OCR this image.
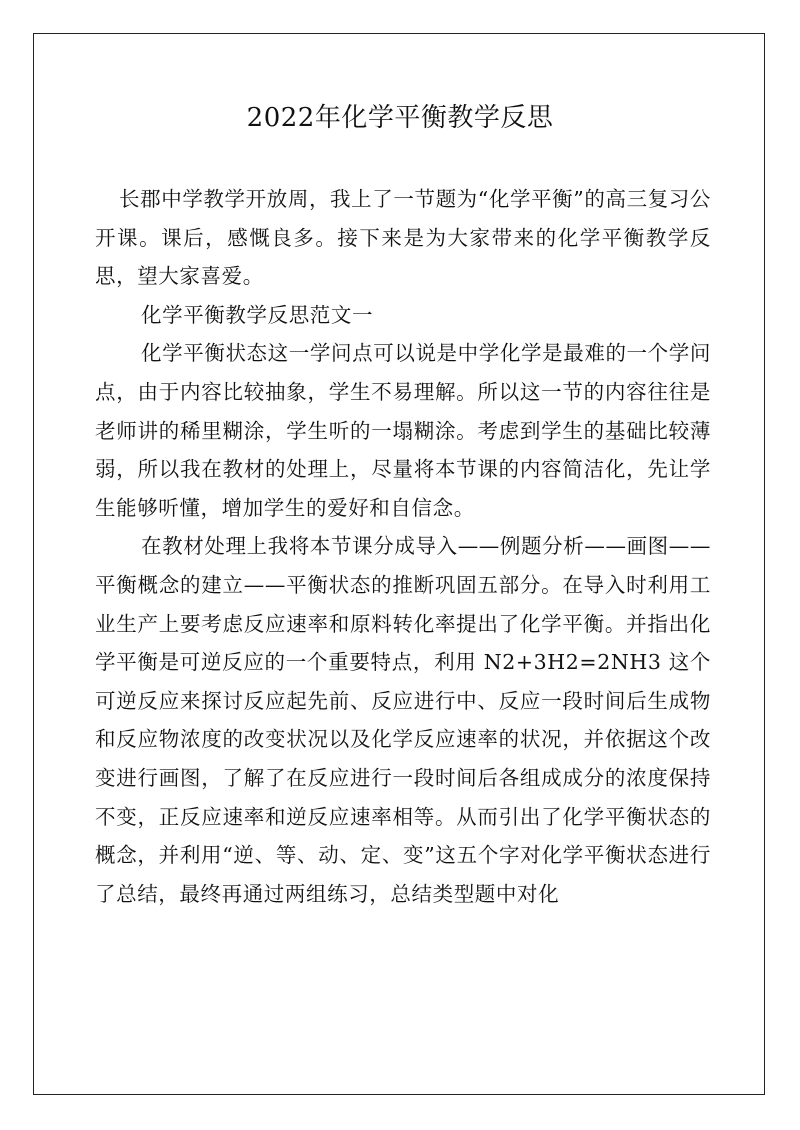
2022年化学平衡教学反思

长郡中学教学开放周，我上了一节题为“化学平衡”的高三复习公开课。课后，感慨良多。接下来是为大家带来的化学平衡教学反思，望大家喜爱。

化学平衡教学反思范文一

化学平衡状态这一学问点可以说是中学化学是最难的一个学问点，由于内容比较抽象，学生不易理解。所以这一节的内容往往是老师讲的稀里糊涂，学生听的一塌糊涂。考虑到学生的基础比较薄弱，所以我在教材的处理上，尽量将本节课的内容简洁化，先让学生能够听懂，增加学生的爱好和自信念。

在教材处理上我将本节课分成导入——例题分析——画图——平衡概念的建立——平衡状态的推断巩固五部分。在导入时利用工业生产上要考虑反应速率和原料转化率提出了化学平衡。并指出化学平衡是可逆反应的一个重要特点，利用 N2+3H2=2NH3 这个可逆反应来探讨反应起先前、反应进行中、反应一段时间后生成物和反应物浓度的改变状况以及化学反应速率的状况，并依据这个改变进行画图，了解了在反应进行一段时间后各组成成分的浓度保持不变，正反应速率和逆反应速率相等。从而引出了化学平衡状态的概念，并利用“逆、等、动、定、变”这五个字对化学平衡状态进行了总结，最终再通过两组练习，总结类型题中对化
